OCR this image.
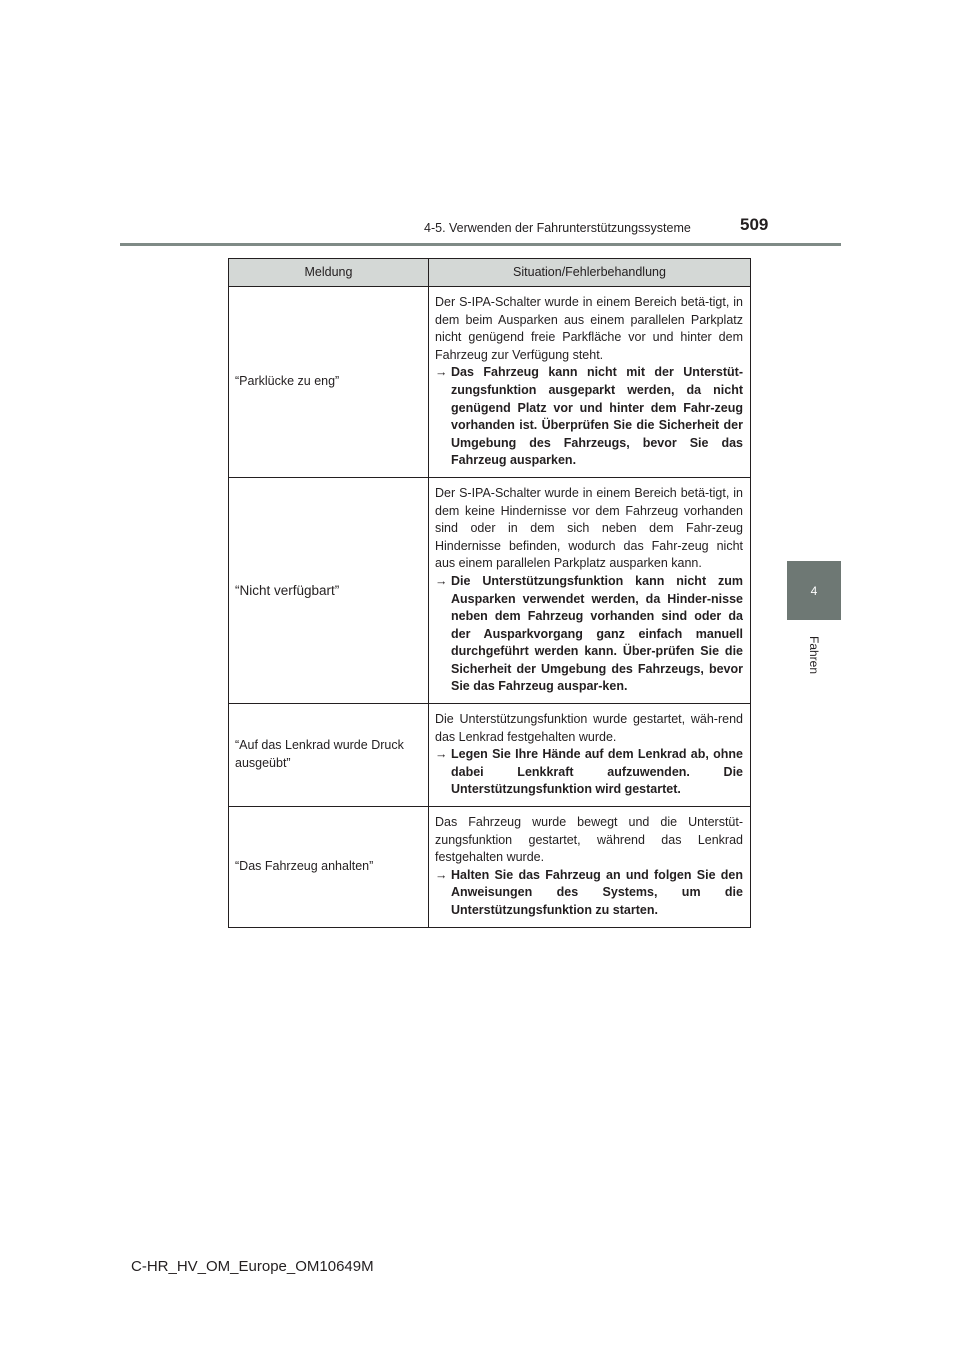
4-5. Verwenden der Fahrunterstützungssysteme	509
4
Fahren
Meldung	Situation/Fehlerbehandlung
“Parklücke zu eng”	Der S-IPA-Schalter wurde in einem Bereich betä-tigt, in dem beim Ausparken aus einem parallelen Parkplatz nicht genügend freie Parkfläche vor und hinter dem Fahrzeug zur Verfügung steht.
→ Das Fahrzeug kann nicht mit der Unterstüt-zungsfunktion ausgeparkt werden, da nicht genügend Platz vor und hinter dem Fahr-zeug vorhanden ist. Überprüfen Sie die Sicherheit der Umgebung des Fahrzeugs, bevor Sie das Fahrzeug ausparken.

“Nicht verfügbart”	Der S-IPA-Schalter wurde in einem Bereich betä-tigt, in dem keine Hindernisse vor dem Fahrzeug vorhanden sind oder in dem sich neben dem Fahr-zeug Hindernisse befinden, wodurch das Fahr-zeug nicht aus einem parallelen Parkplatz ausparken kann.
→ Die Unterstützungsfunktion kann nicht zum Ausparken verwendet werden, da Hinder-nisse neben dem Fahrzeug vorhanden sind oder da der Ausparkvorgang ganz einfach manuell durchgeführt werden kann. Über-prüfen Sie die Sicherheit der Umgebung des Fahrzeugs, bevor Sie das Fahrzeug auspar-ken.

“Auf das Lenkrad wurde Druck ausgeübt”	Die Unterstützungsfunktion wurde gestartet, wäh-rend das Lenkrad festgehalten wurde.
→ Legen Sie Ihre Hände auf dem Lenkrad ab, ohne dabei Lenkkraft aufzuwenden. Die Unterstützungsfunktion wird gestartet.

“Das Fahrzeug anhalten”	Das Fahrzeug wurde bewegt und die Unterstüt-zungsfunktion gestartet, während das Lenkrad festgehalten wurde.
→ Halten Sie das Fahrzeug an und folgen Sie den Anweisungen des Systems, um die Unterstützungsfunktion zu starten.
C-HR_HV_OM_Europe_OM10649M
